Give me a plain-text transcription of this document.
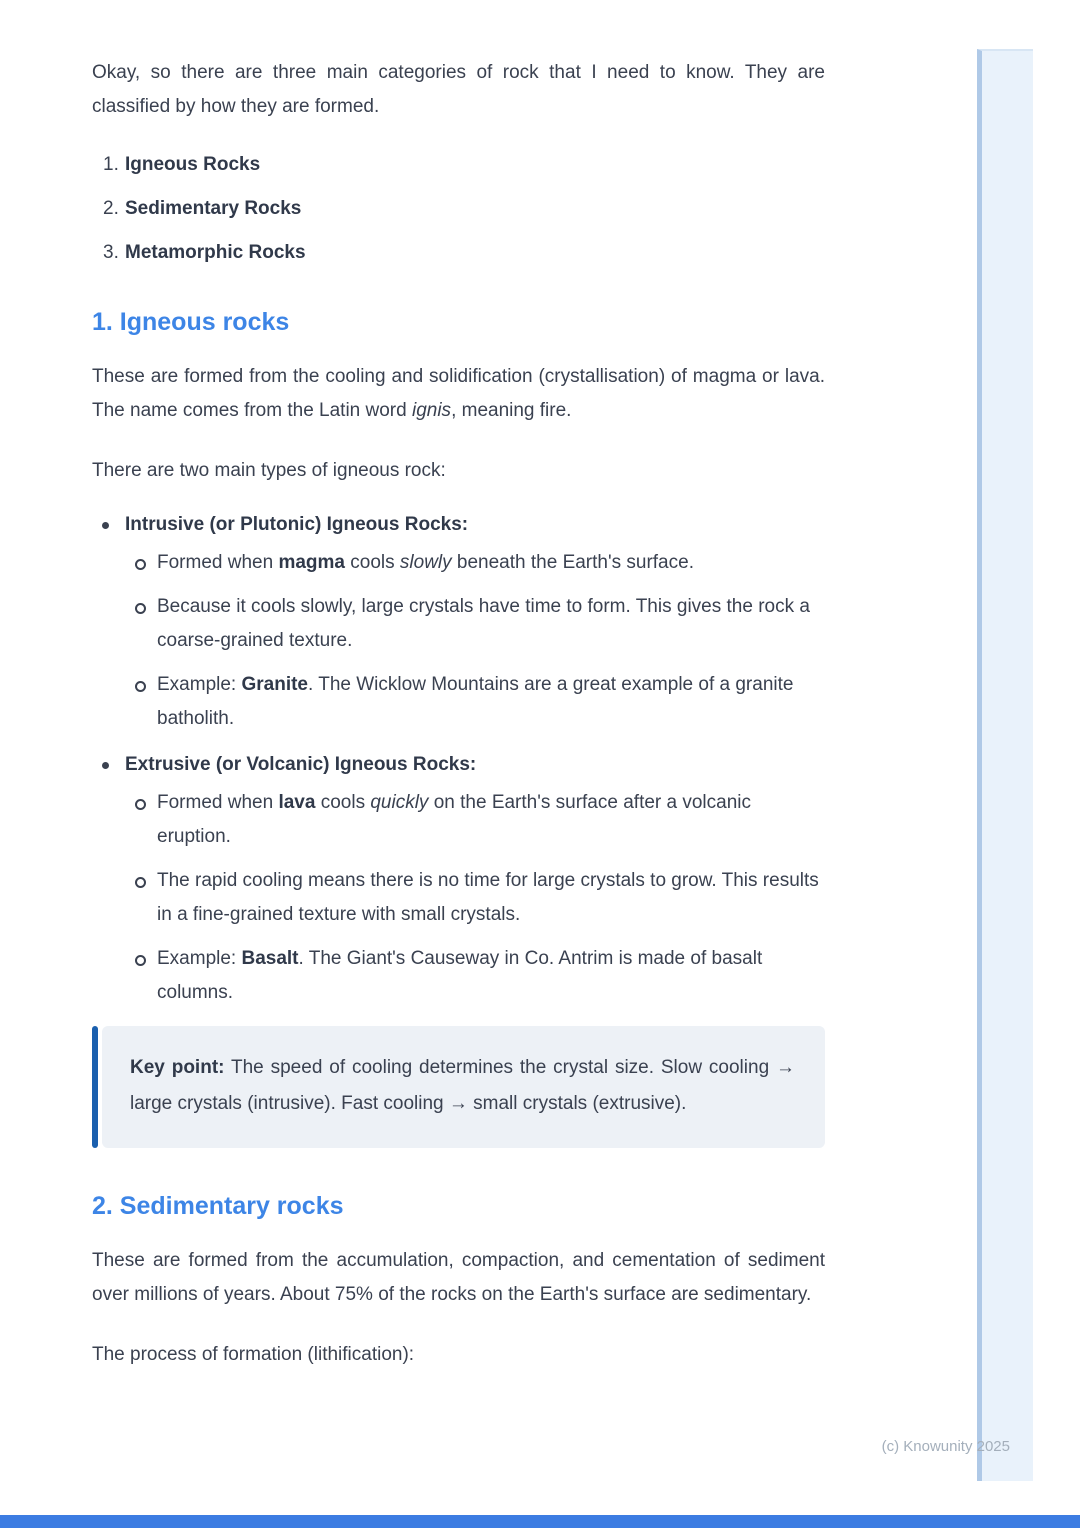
Okay, so there are three main categories of rock that I need to know. They are classified by how they are formed.

1. Igneous Rocks
2. Sedimentary Rocks
3. Metamorphic Rocks
1. Igneous rocks

These are formed from the cooling and solidification (crystallisation) of magma or lava. The name comes from the Latin word ignis, meaning fire.

There are two main types of igneous rock:

Intrusive (or Plutonic) Igneous Rocks:
Formed when magma cools slowly beneath the Earth's surface.
Because it cools slowly, large crystals have time to form. This gives the rock a coarse-grained texture.
Example: Granite. The Wicklow Mountains are a great example of a granite batholith.
Extrusive (or Volcanic) Igneous Rocks:
Formed when lava cools quickly on the Earth's surface after a volcanic eruption.
The rapid cooling means there is no time for large crystals to grow. This results in a fine-grained texture with small crystals.
Example: Basalt. The Giant's Causeway in Co. Antrim is made of basalt columns.

Key point: The speed of cooling determines the crystal size. Slow cooling → large crystals (intrusive). Fast cooling → small crystals (extrusive).

2. Sedimentary rocks

These are formed from the accumulation, compaction, and cementation of sediment over millions of years. About 75% of the rocks on the Earth's surface are sedimentary.

The process of formation (lithification):

(c) Knowunity 2025
